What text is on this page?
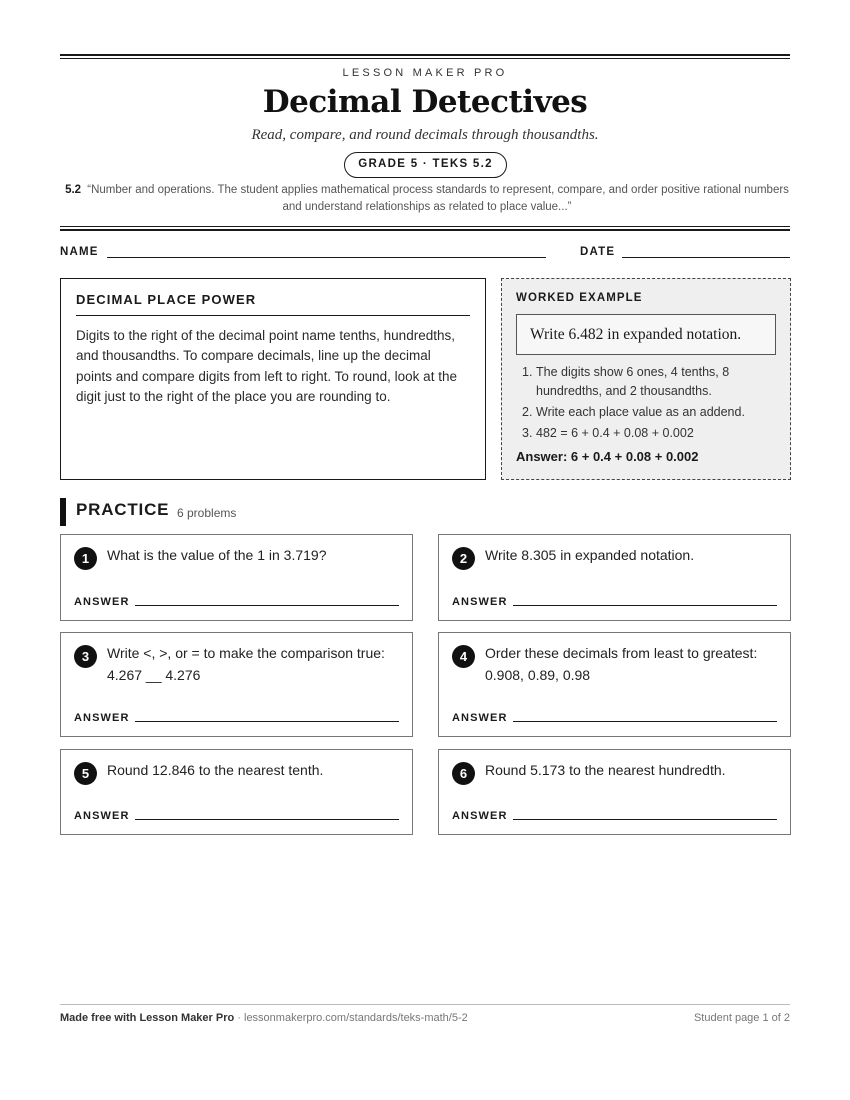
LESSON MAKER PRO
Decimal Detectives
Read, compare, and round decimals through thousandths.
GRADE 5 · TEKS 5.2
5.2 “Number and operations. The student applies mathematical process standards to represent, compare, and order positive rational numbers and understand relationships as related to place value...”
NAME	DATE
DECIMAL PLACE POWER
Digits to the right of the decimal point name tenths, hundredths, and thousandths. To compare decimals, line up the decimal points and compare digits from left to right. To round, look at the digit just to the right of the place you are rounding to.
WORKED EXAMPLE
Write 6.482 in expanded notation.
1. The digits show 6 ones, 4 tenths, 8 hundredths, and 2 thousandths.
2. Write each place value as an addend.
3. 482 = 6 + 0.4 + 0.08 + 0.002
Answer: 6 + 0.4 + 0.08 + 0.002
PRACTICE 6 problems
1	What is the value of the 1 in 3.719?
ANSWER
2	Write 8.305 in expanded notation.
ANSWER
3	Write <, >, or = to make the comparison true: 4.267 __ 4.276
ANSWER
4	Order these decimals from least to greatest: 0.908, 0.89, 0.98
ANSWER
5	Round 12.846 to the nearest tenth.
ANSWER
6	Round 5.173 to the nearest hundredth.
ANSWER
Made free with Lesson Maker Pro · lessonmakerpro.com/standards/teks-math/5-2	Student page 1 of 2
